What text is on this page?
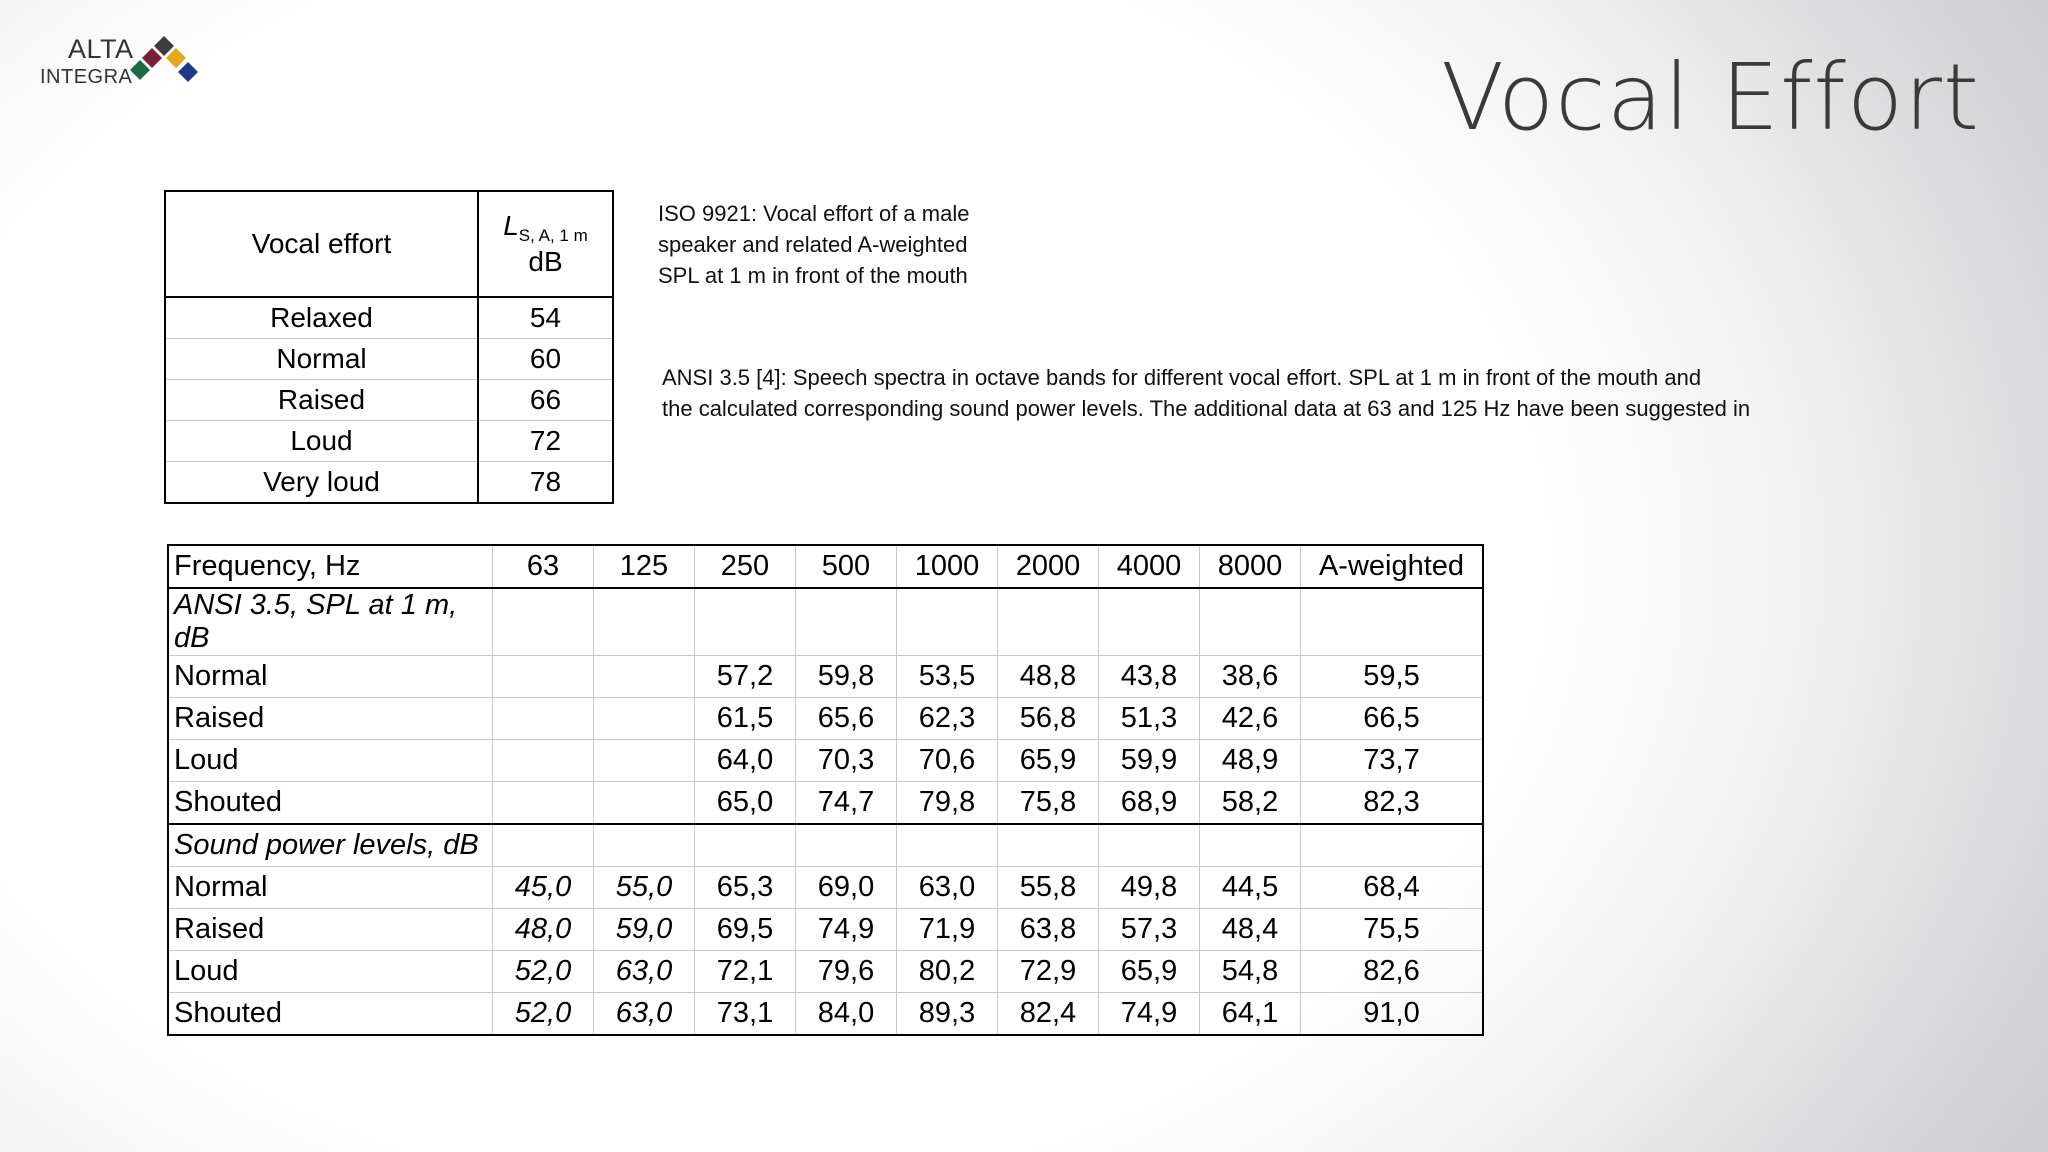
ALTA
INTEGRA	Vocal Effort
ISO 9921: Vocal effort of a male speaker and related A-weighted SPL at 1 m in front of the mouth
ANSI 3.5 [4]: Speech spectra in octave bands for different vocal effort. SPL at 1 m in front of the mouth and
the calculated corresponding sound power levels. The additional data at 63 and 125 Hz have been suggested in
Vocal effort	$L_{S, A, 1 m}$
dB

Relaxed	54
Normal	60
Raised	66
Loud	72
Very loud	78
Frequency, Hz	63	125	250	500	1000	2000	4000	8000	A-weighted
ANSI 3.5, SPL at 1 m, dB									
Normal			57,2	59,8	53,5	48,8	43,8	38,6	59,5
Raised			61,5	65,6	62,3	56,8	51,3	42,6	66,5
Loud			64,0	70,3	70,6	65,9	59,9	48,9	73,7
Shouted			65,0	74,7	79,8	75,8	68,9	58,2	82,3
Sound power levels, dB									
Normal	45,0	55,0	65,3	69,0	63,0	55,8	49,8	44,5	68,4
Raised	48,0	59,0	69,5	74,9	71,9	63,8	57,3	48,4	75,5
Loud	52,0	63,0	72,1	79,6	80,2	72,9	65,9	54,8	82,6
Shouted	52,0	63,0	73,1	84,0	89,3	82,4	74,9	64,1	91,0
